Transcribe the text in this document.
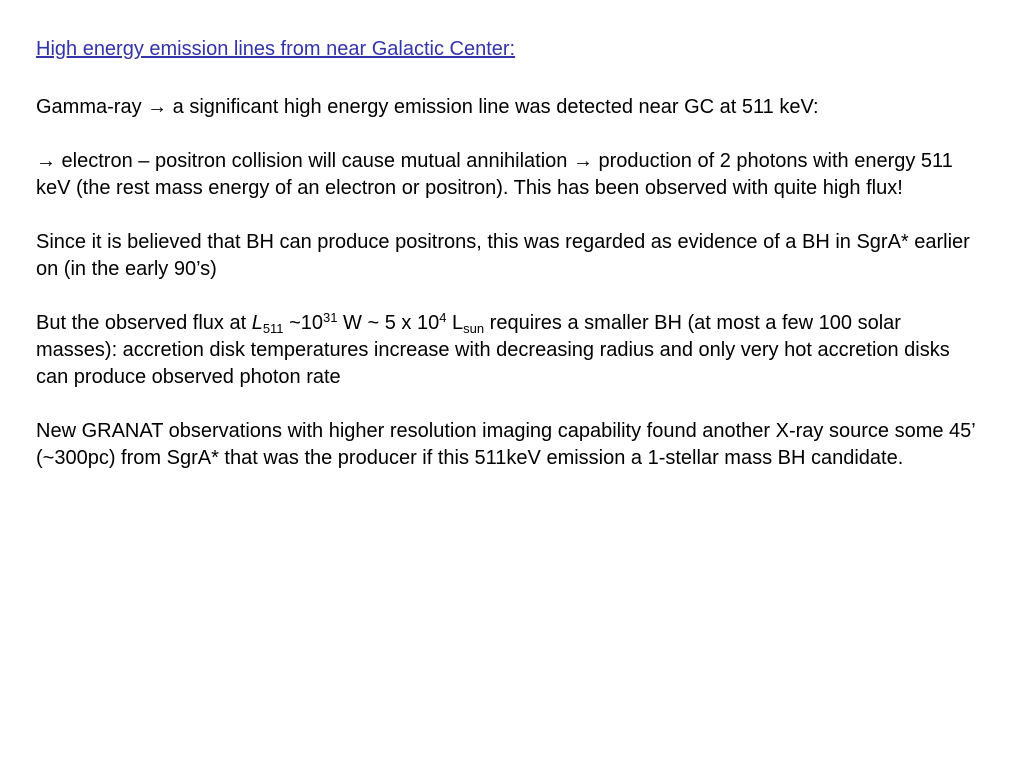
High energy emission lines from near Galactic Center:

Gamma-ray → a significant high energy emission line was detected near GC at 511 keV:

→ electron – positron collision will cause mutual annihilation → production of 2 photons with energy 511 keV (the rest mass energy of an electron or positron). This has been observed with quite high flux!

Since it is believed that BH can produce positrons, this was regarded as evidence of a BH in SgrA* earlier on (in the early 90’s)

But the observed flux at $L_{511}$ $\sim 10^{31}$ W ~ 5 x $10^4$ $L_{sun}$ requires a smaller BH (at most a few 100 solar masses): accretion disk temperatures increase with decreasing radius and only very hot accretion disks can produce observed photon rate

New GRANAT observations with higher resolution imaging capability found another X-ray source some 45’ (~300pc) from SgrA* that was the producer if this 511keV emission a 1-stellar mass BH candidate.
